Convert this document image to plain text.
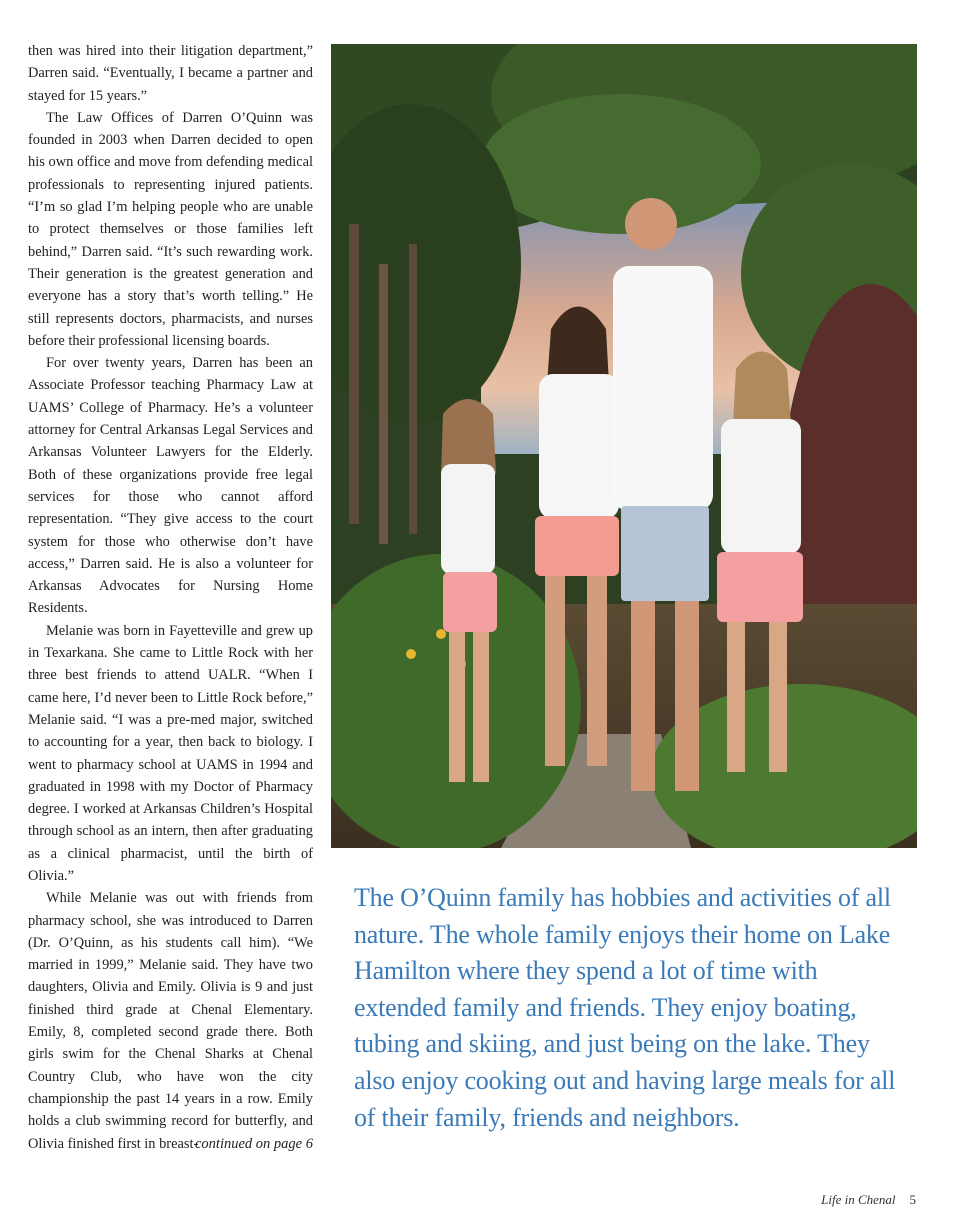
then was hired into their litigation department,” Darren said. “Eventually, I became a partner and stayed for 15 years.”

The Law Offices of Darren O’Quinn was founded in 2003 when Darren decided to open his own office and move from defending medical professionals to representing injured patients. “I’m so glad I’m helping people who are unable to protect themselves or those families left behind,” Darren said. “It’s such rewarding work. Their generation is the greatest generation and everyone has a story that’s worth telling.” He still represents doctors, pharmacists, and nurses before their professional licensing boards.

For over twenty years, Darren has been an Associate Professor teaching Pharmacy Law at UAMS’ College of Pharmacy. He’s a volunteer attorney for Central Arkansas Legal Services and Arkansas Volunteer Lawyers for the Elderly. Both of these organizations provide free legal services for those who cannot afford representation. “They give access to the court system for those who otherwise don’t have access,” Darren said. He is also a volunteer for Arkansas Advocates for Nursing Home Residents.

Melanie was born in Fayetteville and grew up in Texarkana. She came to Little Rock with her three best friends to attend UALR. “When I came here, I’d never been to Little Rock before,” Melanie said. “I was a pre-med major, switched to accounting for a year, then back to biology. I went to pharmacy school at UAMS in 1994 and graduated in 1998 with my Doctor of Pharmacy degree. I worked at Arkansas Children’s Hospital through school as an intern, then after graduating as a clinical pharmacist, until the birth of Olivia.”

While Melanie was out with friends from pharmacy school, she was introduced to Darren (Dr. O’Quinn, as his students call him). “We married in 1999,” Melanie said. They have two daughters, Olivia and Emily. Olivia is 9 and just finished third grade at Chenal Elementary. Emily, 8, completed second grade there. Both girls swim for the Chenal Sharks at Chenal Country Club, who have won the city championship the past 14 years in a row. Emily holds a club swimming record for butterfly, and Olivia finished first in breast-

continued on page 6
The O’Quinn family has hobbies and activities of all nature. The whole family enjoys their home on Lake Hamilton where they spend a lot of time with extended family and friends. They enjoy boating, tubing and skiing, and just being on the lake. They also enjoy cooking out and having large meals for all of their family, friends and neighbors.
Life in Chenal 5
